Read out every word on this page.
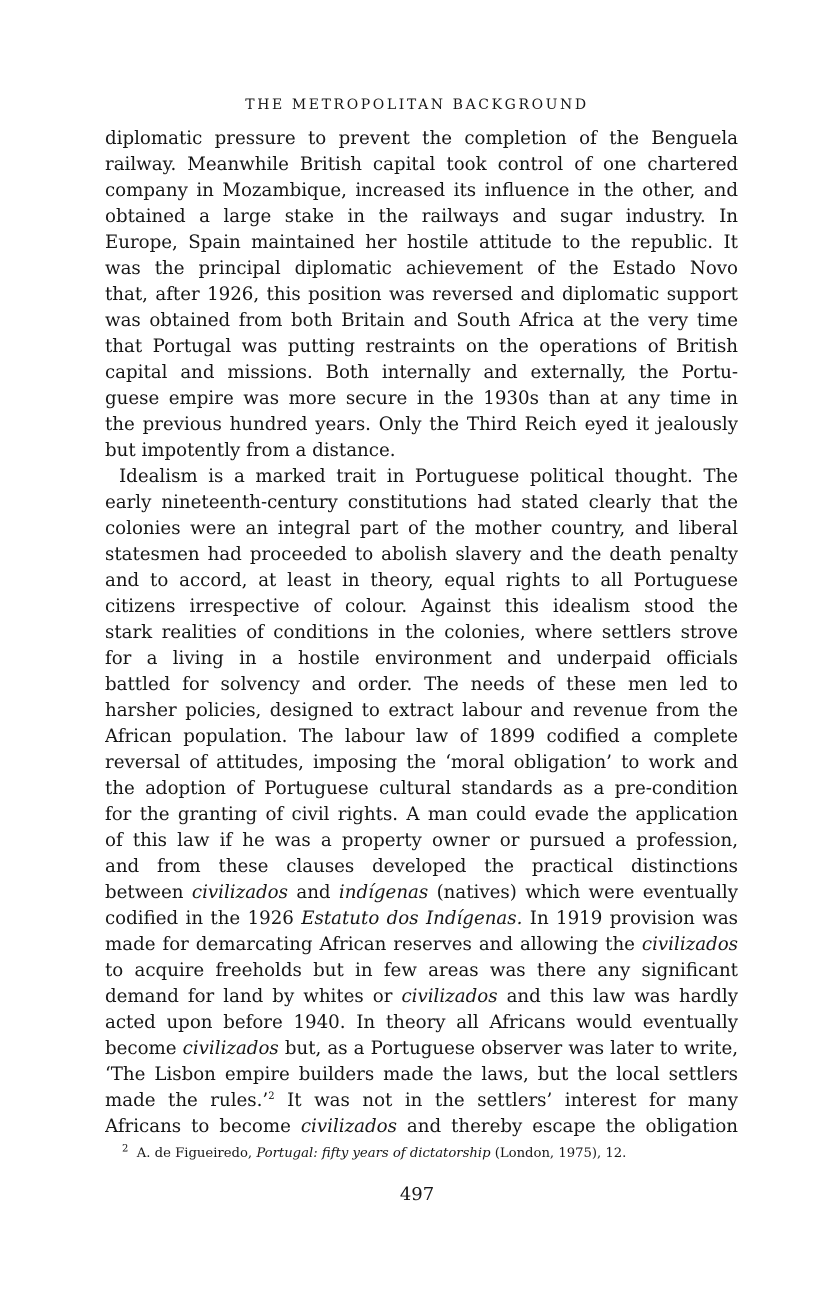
THE METROPOLITAN BACKGROUND
diplomatic pressure to prevent the completion of the Benguela
railway. Meanwhile British capital took control of one chartered
company in Mozambique, increased its influence in the other, and
obtained a large stake in the railways and sugar industry. In
Europe, Spain maintained her hostile attitude to the republic. It
was the principal diplomatic achievement of the Estado Novo
that, after 1926, this position was reversed and diplomatic support
was obtained from both Britain and South Africa at the very time
that Portugal was putting restraints on the operations of British
capital and missions. Both internally and externally, the Portu-
guese empire was more secure in the 1930s than at any time in
the previous hundred years. Only the Third Reich eyed it jealously
but impotently from a distance.
Idealism is a marked trait in Portuguese political thought. The
early nineteenth-century constitutions had stated clearly that the
colonies were an integral part of the mother country, and liberal
statesmen had proceeded to abolish slavery and the death penalty
and to accord, at least in theory, equal rights to all Portuguese
citizens irrespective of colour. Against this idealism stood the
stark realities of conditions in the colonies, where settlers strove
for a living in a hostile environment and underpaid officials
battled for solvency and order. The needs of these men led to
harsher policies, designed to extract labour and revenue from the
African population. The labour law of 1899 codified a complete
reversal of attitudes, imposing the ‘moral obligation’ to work and
the adoption of Portuguese cultural standards as a pre-condition
for the granting of civil rights. A man could evade the application
of this law if he was a property owner or pursued a profession,
and from these clauses developed the practical distinctions
between civilizados and indígenas (natives) which were eventually
codified in the 1926 Estatuto dos Indígenas. In 1919 provision was
made for demarcating African reserves and allowing the civilizados
to acquire freeholds but in few areas was there any significant
demand for land by whites or civilizados and this law was hardly
acted upon before 1940. In theory all Africans would eventually
become civilizados but, as a Portuguese observer was later to write,
‘The Lisbon empire builders made the laws, but the local settlers
made the rules.’$^2$ It was not in the settlers’ interest for many
Africans to become civilizados and thereby escape the obligation
$^2$ A. de Figueiredo, Portugal: fifty years of dictatorship (London, 1975), 12.
497
